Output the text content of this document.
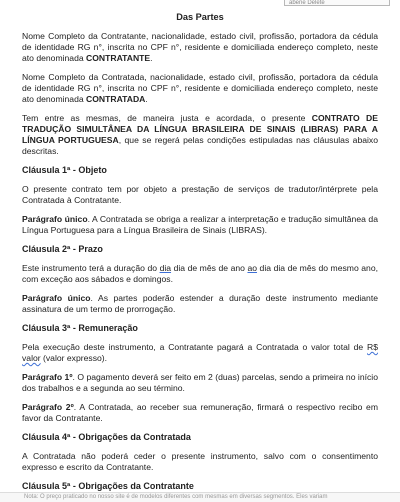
abene Delete
Das Partes

Nome Completo da Contratante, nacionalidade, estado civil, profissão, portadora da cédula de identidade RG n°, inscrita no CPF n°, residente e domiciliada endereço completo, neste ato denominada CONTRATANTE.

Nome Completo da Contratada, nacionalidade, estado civil, profissão, portadora da cédula de identidade RG n°, inscrita no CPF n°, residente e domiciliada endereço completo, neste ato denominada CONTRATADA.

Tem entre as mesmas, de maneira justa e acordada, o presente CONTRATO DE TRADUÇÃO SIMULTÂNEA DA LÍNGUA BRASILEIRA DE SINAIS (LIBRAS) PARA A LÍNGUA PORTUGUESA, que se regerá pelas condições estipuladas nas cláusulas abaixo descritas.

Cláusula 1ª - Objeto

O presente contrato tem por objeto a prestação de serviços de tradutor/intérprete pela Contratada à Contratante.

Parágrafo único. A Contratada se obriga a realizar a interpretação e tradução simultânea da Língua Portuguesa para a Língua Brasileira de Sinais (LIBRAS).

Cláusula 2ª - Prazo

Este instrumento terá a duração do dia dia de mês de ano ao dia dia de mês do mesmo ano, com exceção aos sábados e domingos.

Parágrafo único. As partes poderão estender a duração deste instrumento mediante assinatura de um termo de prorrogação.

Cláusula 3ª - Remuneração

Pela execução deste instrumento, a Contratante pagará a Contratada o valor total de R$ valor (valor expresso).

Parágrafo 1º. O pagamento deverá ser feito em 2 (duas) parcelas, sendo a primeira no início dos trabalhos e a segunda ao seu término.

Parágrafo 2º. A Contratada, ao receber sua remuneração, firmará o respectivo recibo em favor da Contratante.

Cláusula 4ª - Obrigações da Contratada

A Contratada não poderá ceder o presente instrumento, salvo com o consentimento expresso e escrito da Contratante.

Cláusula 5ª - Obrigações da Contratante
Nota: O preço praticado no nosso site é de modelos diferentes com mesmas em diversas segmentos. Eles variam
